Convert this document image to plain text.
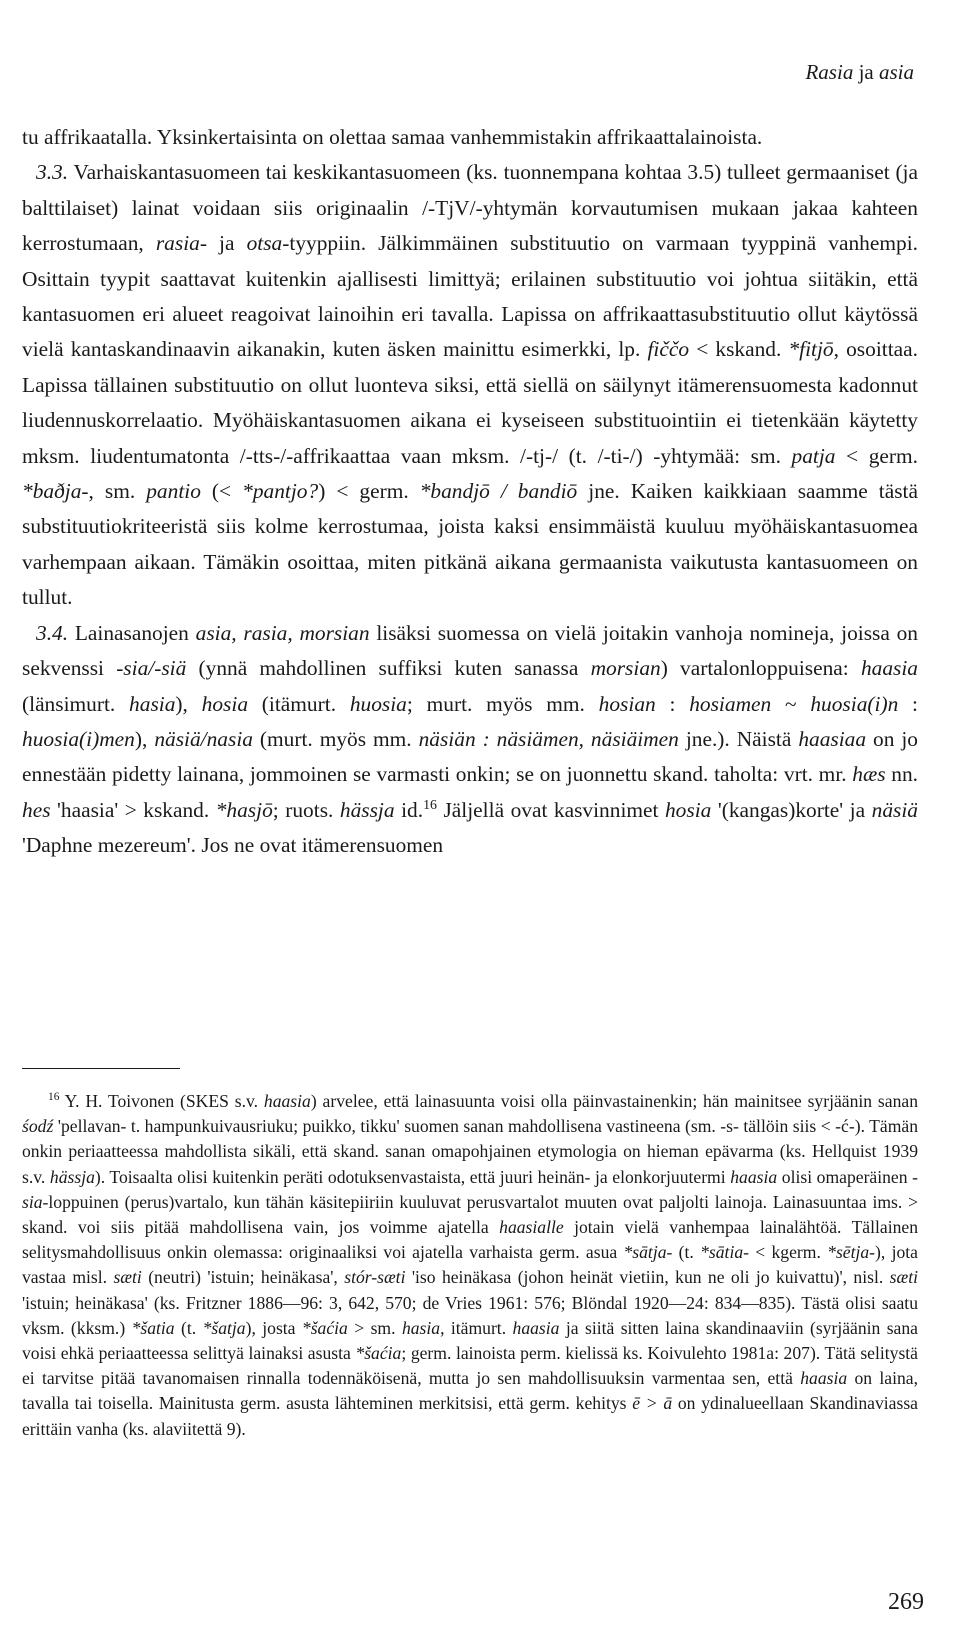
Rasia ja asia

tu affrikaatalla. Yksinkertaisinta on olettaa samaa vanhemmistakin affrikaattalainoista.

3.3. Varhaiskantasuomeen tai keskikantasuomeen (ks. tuonnempana kohtaa 3.5) tulleet germaaniset (ja balttilaiset) lainat voidaan siis originaalin /-TjV/-yhtymän korvautumisen mukaan jakaa kahteen kerrostumaan, rasia- ja otsa-tyyppiin. Jälkimmäinen substituutio on varmaan tyyppinä vanhempi. Osittain tyypit saattavat kuitenkin ajallisesti limittyä; erilainen substituutio voi johtua siitäkin, että kantasuomen eri alueet reagoivat lainoihin eri tavalla. Lapissa on affrikaattasubstituutio ollut käytössä vielä kantaskandinaavin aikanakin, kuten äsken mainittu esimerkki, lp. fiččo < kskand. *fitjō, osoittaa. Lapissa tällainen substituutio on ollut luonteva siksi, että siellä on säilynyt itämerensuomesta kadonnut liudennuskorrelaatio. Myöhäiskantasuomen aikana ei kyseiseen substituointiin ei tietenkään käytetty mksm. liudentumatonta /-tts-/-affrikaattaa vaan mksm. /-tj-/ (t. /-ti-/) -yhtymää: sm. patja < germ. *baðja-, sm. pantio (< *pantjo?) < germ. *bandjō / bandiō jne. Kaiken kaikkiaan saamme tästä substituutiokriteeristä siis kolme kerrostumaa, joista kaksi ensimmäistä kuuluu myöhäiskantasuomea varhempaan aikaan. Tämäkin osoittaa, miten pitkänä aikana germaanista vaikutusta kantasuomeen on tullut.

3.4. Lainasanojen asia, rasia, morsian lisäksi suomessa on vielä joitakin vanhoja nomineja, joissa on sekvenssi -sia/-siä (ynnä mahdollinen suffiksi kuten sanassa morsian) vartalonloppuisena: haasia (länsimurt. hasia), hosia (itämurt. huosia; murt. myös mm. hosian : hosiamen ~ huosia(i)n : huosia(i)men), näsiä/nasia (murt. myös mm. näsiän : näsiämen, näsiäimen jne.). Näistä haasiaa on jo ennestään pidetty lainana, jommoinen se varmasti onkin; se on juonnettu skand. taholta: vrt. mr. hæs nn. hes 'haasia' > kskand. *hasjō; ruots. hässja id.$^{16}$ Jäljellä ovat kasvinnimet hosia '(kangas)korte' ja näsiä 'Daphne mezereum'. Jos ne ovat itämerensuomen

$^{16}$ Y. H. Toivonen (SKES s.v. haasia) arvelee, että lainasuunta voisi olla päinvastainenkin; hän mainitsee syrjäänin sanan śodź 'pellavan- t. hampunkuivausriuku; puikko, tikku' suomen sanan mahdollisena vastineena (sm. -s- tällöin siis < -ć-). Tämän onkin periaatteessa mahdollista sikäli, että skand. sanan omapohjainen etymologia on hieman epävarma (ks. Hellquist 1939 s.v. hässja). Toisaalta olisi kuitenkin peräti odotuksenvastaista, että juuri heinän- ja elonkorjuutermi haasia olisi omaperäinen -sia-loppuinen (perus)vartalo, kun tähän käsitepiiriin kuuluvat perusvartalot muuten ovat paljolti lainoja. Lainasuuntaa ims. > skand. voi siis pitää mahdollisena vain, jos voimme ajatella haasialle jotain vielä vanhempaa lainalähtöä. Tällainen selitysmahdollisuus onkin olemassa: originaaliksi voi ajatella varhaista germ. asua *sātja- (t. *sātia- < kgerm. *sētja-), jota vastaa misl. sæti (neutri) 'istuin; heinäkasa', stór-sæti 'iso heinäkasa (johon heinät vietiin, kun ne oli jo kuivattu)', nisl. sæti 'istuin; heinäkasa' (ks. Fritzner 1886—96: 3, 642, 570; de Vries 1961: 576; Blöndal 1920—24: 834—835). Tästä olisi saatu vksm. (kksm.) *šatia (t. *šatja), josta *šaćia > sm. hasia, itämurt. haasia ja siitä sitten laina skandinaaviin (syrjäänin sana voisi ehkä periaatteessa selittyä lainaksi asusta *šaćia; germ. lainoista perm. kielissä ks. Koivulehto 1981a: 207). Tätä selitystä ei tarvitse pitää tavanomaisen rinnalla todennäköisenä, mutta jo sen mahdollisuuksin varmentaa sen, että haasia on laina, tavalla tai toisella. Mainitusta germ. asusta lähteminen merkitsisi, että germ. kehitys ē > ā on ydinalueellaan Skandinaviassa erittäin vanha (ks. alaviitettä 9).

269
